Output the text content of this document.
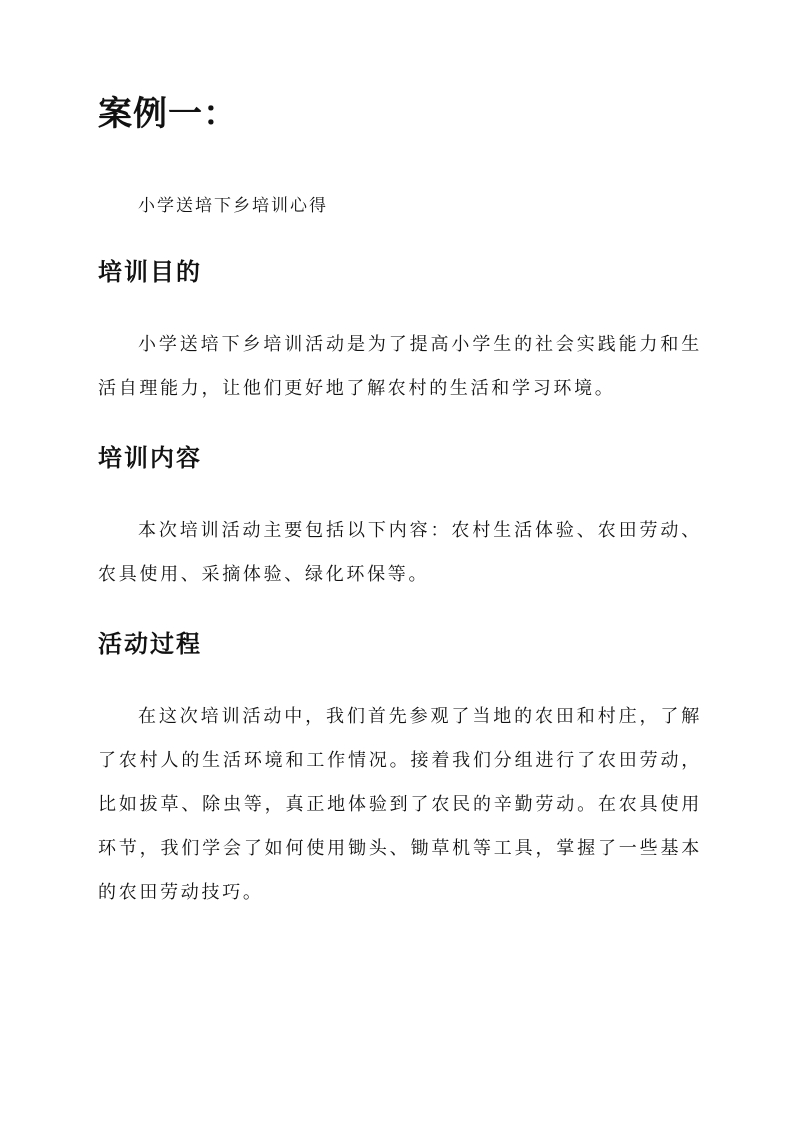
案例一：

小学送培下乡培训心得

培训目的

小学送培下乡培训活动是为了提高小学生的社会实践能力和生活自理能力，让他们更好地了解农村的生活和学习环境。

培训内容

本次培训活动主要包括以下内容：农村生活体验、农田劳动、农具使用、采摘体验、绿化环保等。

活动过程

在这次培训活动中，我们首先参观了当地的农田和村庄，了解了农村人的生活环境和工作情况。接着我们分组进行了农田劳动，比如拔草、除虫等，真正地体验到了农民的辛勤劳动。在农具使用环节，我们学会了如何使用锄头、锄草机等工具，掌握了一些基本的农田劳动技巧。
